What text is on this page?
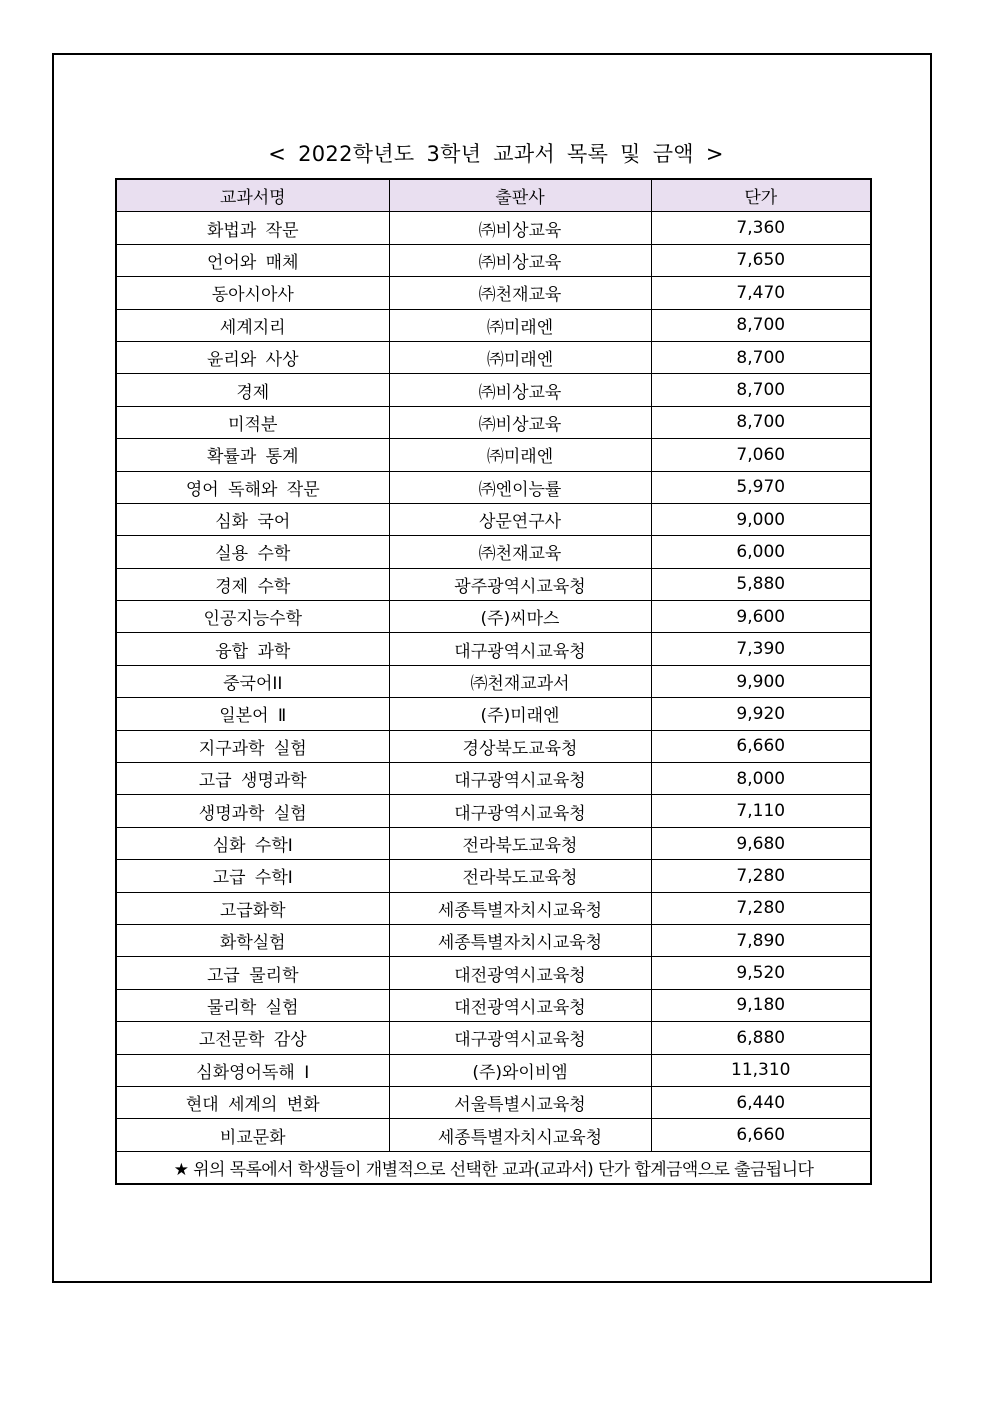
< 2022학년도 3학년 교과서 목록 및 금액 >
교과서명	출판사	단가
화법과 작문	㈜비상교육	7,360
언어와 매체	㈜비상교육	7,650
동아시아사	㈜천재교육	7,470
세계지리	㈜미래엔	8,700
윤리와 사상	㈜미래엔	8,700
경제	㈜비상교육	8,700
미적분	㈜비상교육	8,700
확률과 통계	㈜미래엔	7,060
영어 독해와 작문	㈜엔이능률	5,970
심화 국어	상문연구사	9,000
실용 수학	㈜천재교육	6,000
경제 수학	광주광역시교육청	5,880
인공지능수학	(주)씨마스	9,600
융합 과학	대구광역시교육청	7,390
중국어II	㈜천재교과서	9,900
일본어 Ⅱ	(주)미래엔	9,920
지구과학 실험	경상북도교육청	6,660
고급 생명과학	대구광역시교육청	8,000
생명과학 실험	대구광역시교육청	7,110
심화 수학Ⅰ	전라북도교육청	9,680
고급 수학Ⅰ	전라북도교육청	7,280
고급화학	세종특별자치시교육청	7,280
화학실험	세종특별자치시교육청	7,890
고급 물리학	대전광역시교육청	9,520
물리학 실험	대전광역시교육청	9,180
고전문학 감상	대구광역시교육청	6,880
심화영어독해 Ⅰ	(주)와이비엠	11,310
현대 세계의 변화	서울특별시교육청	6,440
비교문화	세종특별자치시교육청	6,660
★ 위의 목록에서 학생들이 개별적으로 선택한 교과(교과서) 단가 합계금액으로 출금됩니다		
